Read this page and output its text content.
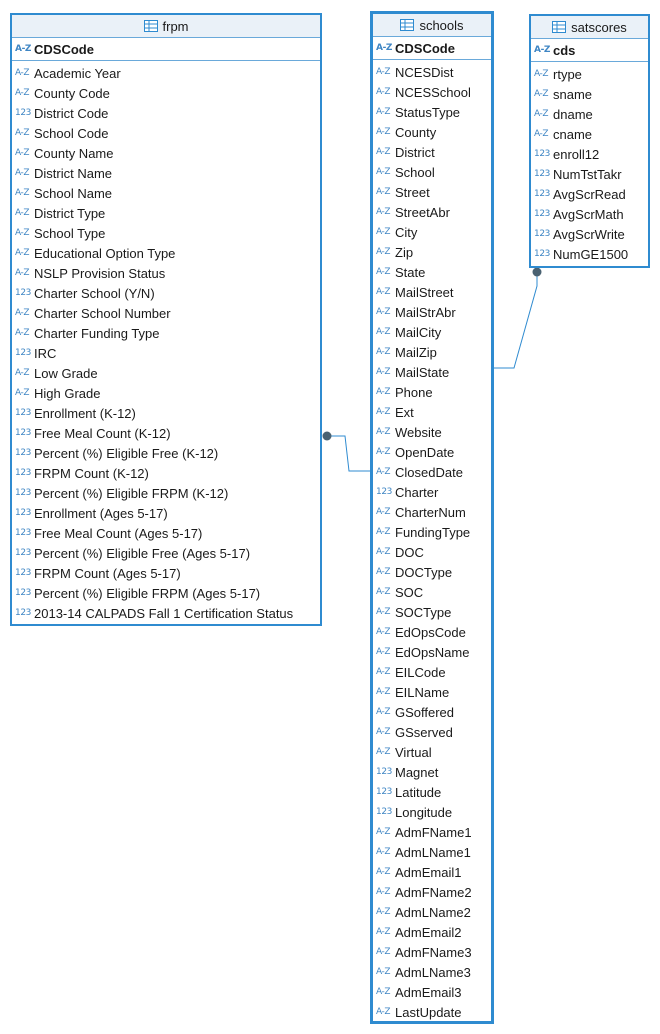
frpm
A-Z CDSCode
A-Z Academic Year
A-Z County Code
123 District Code
A-Z School Code
A-Z County Name
A-Z District Name
A-Z School Name
A-Z District Type
A-Z School Type
A-Z Educational Option Type
A-Z NSLP Provision Status
123 Charter School (Y/N)
A-Z Charter School Number
A-Z Charter Funding Type
123 IRC
A-Z Low Grade
A-Z High Grade
123 Enrollment (K-12)
123 Free Meal Count (K-12)
123 Percent (%) Eligible Free (K-12)
123 FRPM Count (K-12)
123 Percent (%) Eligible FRPM (K-12)
123 Enrollment (Ages 5-17)
123 Free Meal Count (Ages 5-17)
123 Percent (%) Eligible Free (Ages 5-17)
123 FRPM Count (Ages 5-17)
123 Percent (%) Eligible FRPM (Ages 5-17)
123 2013-14 CALPADS Fall 1 Certification Status
schools
A-Z CDSCode
A-Z NCESDist
A-Z NCESSchool
A-Z StatusType
A-Z County
A-Z District
A-Z School
A-Z Street
A-Z StreetAbr
A-Z City
A-Z Zip
A-Z State
A-Z MailStreet
A-Z MailStrAbr
A-Z MailCity
A-Z MailZip
A-Z MailState
A-Z Phone
A-Z Ext
A-Z Website
A-Z OpenDate
A-Z ClosedDate
123 Charter
A-Z CharterNum
A-Z FundingType
A-Z DOC
A-Z DOCType
A-Z SOC
A-Z SOCType
A-Z EdOpsCode
A-Z EdOpsName
A-Z EILCode
A-Z EILName
A-Z GSoffered
A-Z GSserved
A-Z Virtual
123 Magnet
123 Latitude
123 Longitude
A-Z AdmFName1
A-Z AdmLName1
A-Z AdmEmail1
A-Z AdmFName2
A-Z AdmLName2
A-Z AdmEmail2
A-Z AdmFName3
A-Z AdmLName3
A-Z AdmEmail3
A-Z LastUpdate
satscores
A-Z cds
A-Z rtype
A-Z sname
A-Z dname
A-Z cname
123 enroll12
123 NumTstTakr
123 AvgScrRead
123 AvgScrMath
123 AvgScrWrite
123 NumGE1500
